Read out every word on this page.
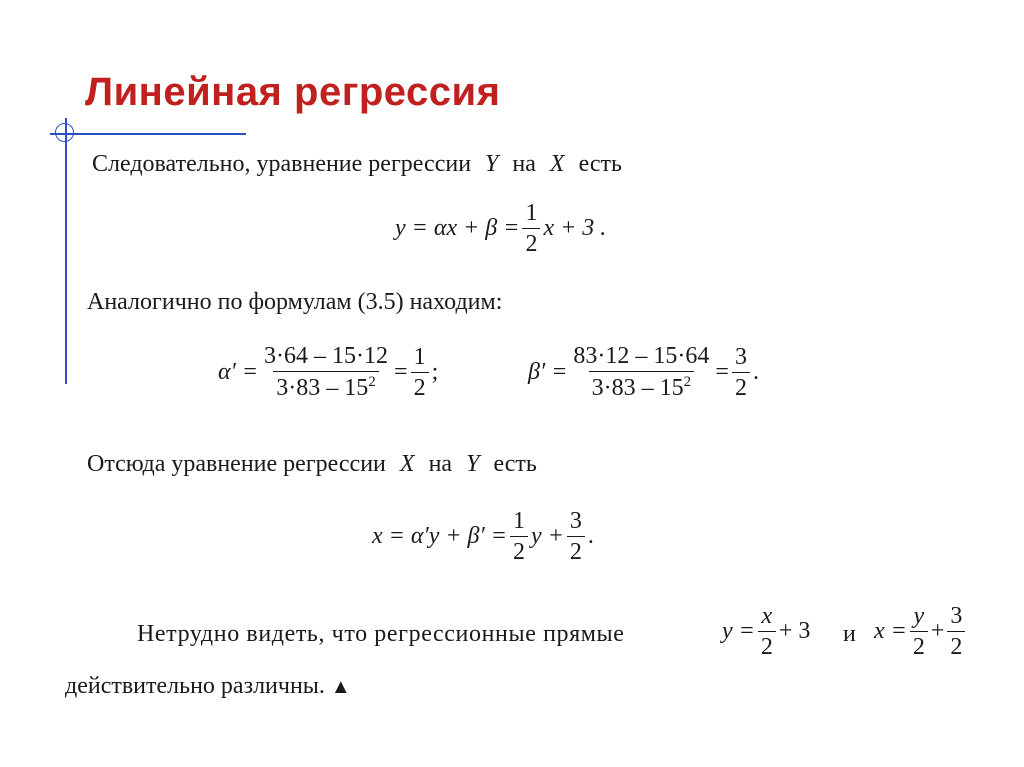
Линейная регрессия
Следовательно, уравнение регрессии Y на X есть
$y = \alpha x + \beta = \frac{1}{2}$ x + 3 .
Аналогично по формулам (3.5) находим:
$\alpha' = \frac{3\cdot 64 - 15\cdot 12}{3\cdot 83 - 15^2} = \frac{1}{2}$ ;	$\beta' = \frac{83\cdot 12 - 15\cdot 64}{3\cdot 83 - 15^2} = \frac{3}{2}$ .
Отсюда уравнение регрессии X на Y есть
$x = \alpha'y + \beta' = \frac{1}{2}$ $y + \frac{3}{2}$ .
Нетрудно видеть, что регрессионные прямые	$y = \frac{x}{2} + 3$ и $x = \frac{y}{2} + \frac{3}{2}$
действительно различны. ▲
